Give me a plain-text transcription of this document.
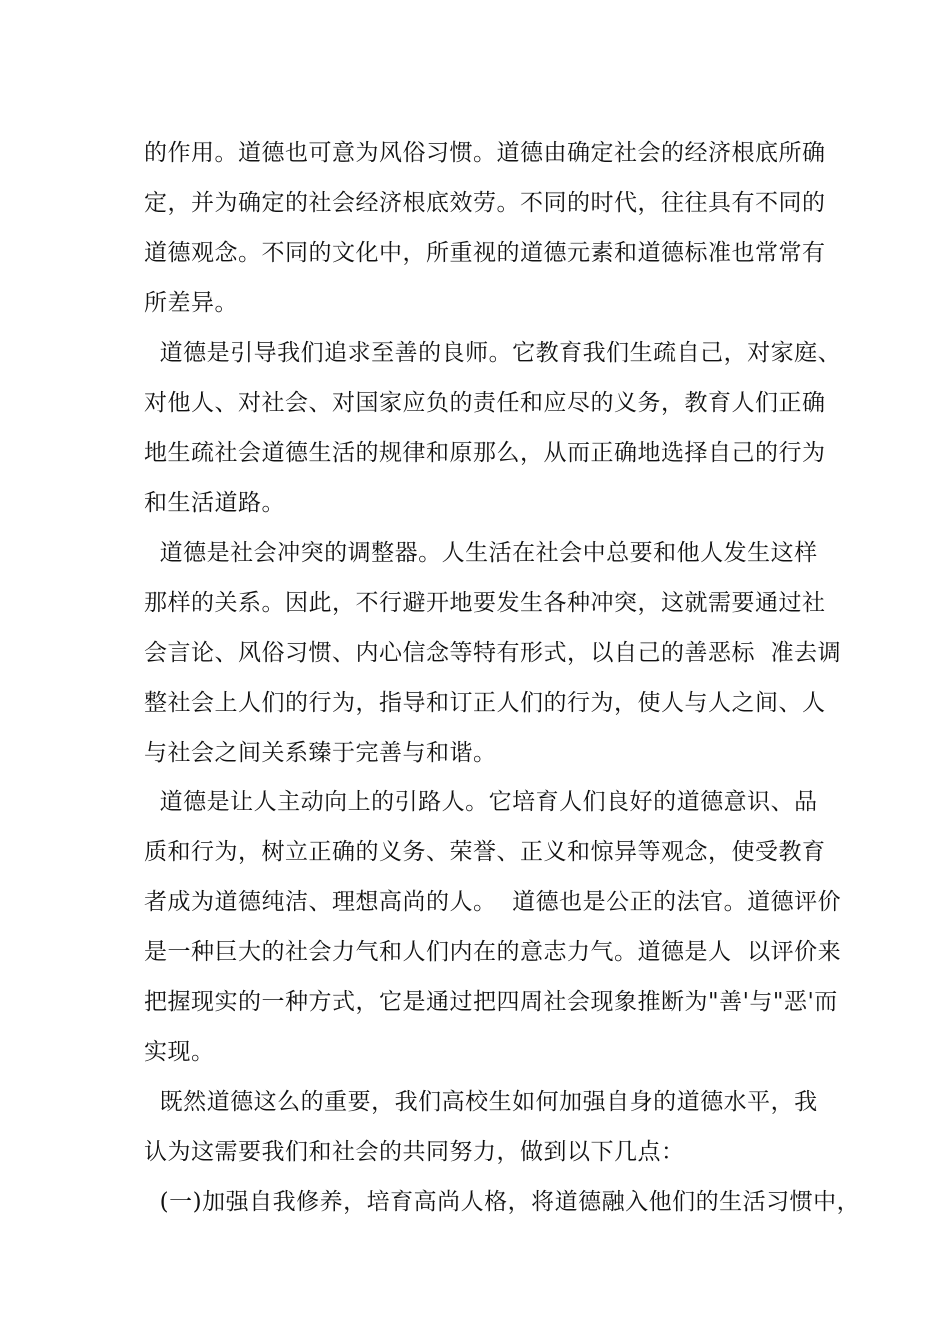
的作用。道德也可意为风俗习惯。道德由确定社会的经济根底所确
定，并为确定的社会经济根底效劳。不同的时代，往往具有不同的
道德观念。不同的文化中，所重视的道德元素和道德标准也常常有
所差异。
道德是引导我们追求至善的良师。它教育我们生疏自己，对家庭、
对他人、对社会、对国家应负的责任和应尽的义务，教育人们正确
地生疏社会道德生活的规律和原那么，从而正确地选择自己的行为
和生活道路。
道德是社会冲突的调整器。人生活在社会中总要和他人发生这样
那样的关系。因此，不行避开地要发生各种冲突，这就需要通过社
会言论、风俗习惯、内心信念等特有形式，以自己的善恶标  准去调
整社会上人们的行为，指导和订正人们的行为，使人与人之间、人
与社会之间关系臻于完善与和谐。
道德是让人主动向上的引路人。它培育人们良好的道德意识、品
质和行为，树立正确的义务、荣誉、正义和惊异等观念，使受教育
者成为道德纯洁、理想高尚的人。  道德也是公正的法官。道德评价
是一种巨大的社会力气和人们内在的意志力气。道德是人  以评价来
把握现实的一种方式，它是通过把四周社会现象推断为"善'与"恶'而
实现。
既然道德这么的重要，我们高校生如何加强自身的道德水平，我
认为这需要我们和社会的共同努力，做到以下几点：
(一)加强自我修养，培育高尚人格，将道德融入他们的生活习惯中，
